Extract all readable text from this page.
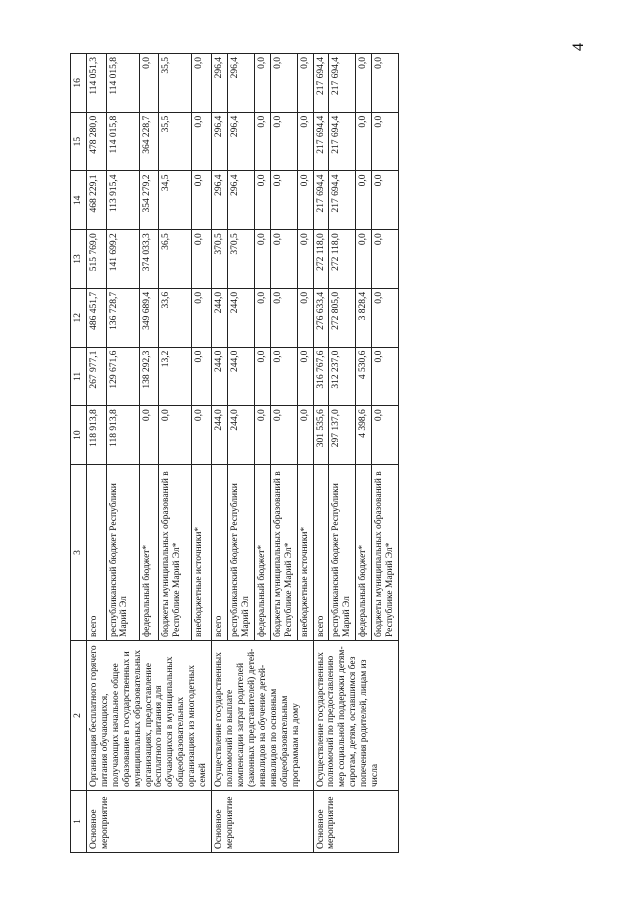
4
1	2	3	10	11	12	13	14	15	16
Основное мероприятие	Организация бесплатного горячего питания обучающихся, получающих начальное общее образование в государственных и муниципальных образовательных организациях, предоставление бесплатного питания для обучающихся в муниципальных общеобразовательных организациях из многодетных семей	всего	118 913,8	267 977,1	486 451,7	515 769,0	468 229,1	478 280,0	114 051,3
		республиканский бюджет Республики Марий Эл	118 913,8	129 671,6	136 728,7	141 699,2	113 915,4	114 015,8	114 015,8
		федеральный бюджет*	0,0	138 292,3	349 689,4	374 033,3	354 279,2	364 228,7	0,0
		бюджеты муниципальных образований в Республике Марий Эл*	0,0	13,2	33,6	36,5	34,5	35,5	35,5
		внебюджетные источники*	0,0	0,0	0,0	0,0	0,0	0,0	0,0
Основное мероприятие	Осуществление государственных полномочий по выплате компенсации затрат родителей (законных представителей) детей-инвалидов на обучение детей-инвалидов по основным общеобразовательным программам на дому	всего	244,0	244,0	244,0	370,5	296,4	296,4	296,4
		республиканский бюджет Республики Марий Эл	244,0	244,0	244,0	370,5	296,4	296,4	296,4
		федеральный бюджет*	0,0	0,0	0,0	0,0	0,0	0,0	0,0
		бюджеты муниципальных образований в Республике Марий Эл*	0,0	0,0	0,0	0,0	0,0	0,0	0,0
		внебюджетные источники*	0,0	0,0	0,0	0,0	0,0	0,0	0,0
Основное мероприятие	Осуществление государственных полномочий по предоставлению мер социальной поддержки детям-сиротам, детям, оставшимся без попечения родителей, лицам из числа	всего	301 535,6	316 767,6	276 633,4	272 118,0	217 694,4	217 694,4	217 694,4
		республиканский бюджет Республики Марий Эл	297 137,0	312 237,0	272 805,0	272 118,0	217 694,4	217 694,4	217 694,4
		федеральный бюджет*	4 398,6	4 530,6	3 828,4	0,0	0,0	0,0	0,0
		бюджеты муниципальных образований в Республике Марий Эл*	0,0	0,0	0,0	0,0	0,0	0,0	0,0
